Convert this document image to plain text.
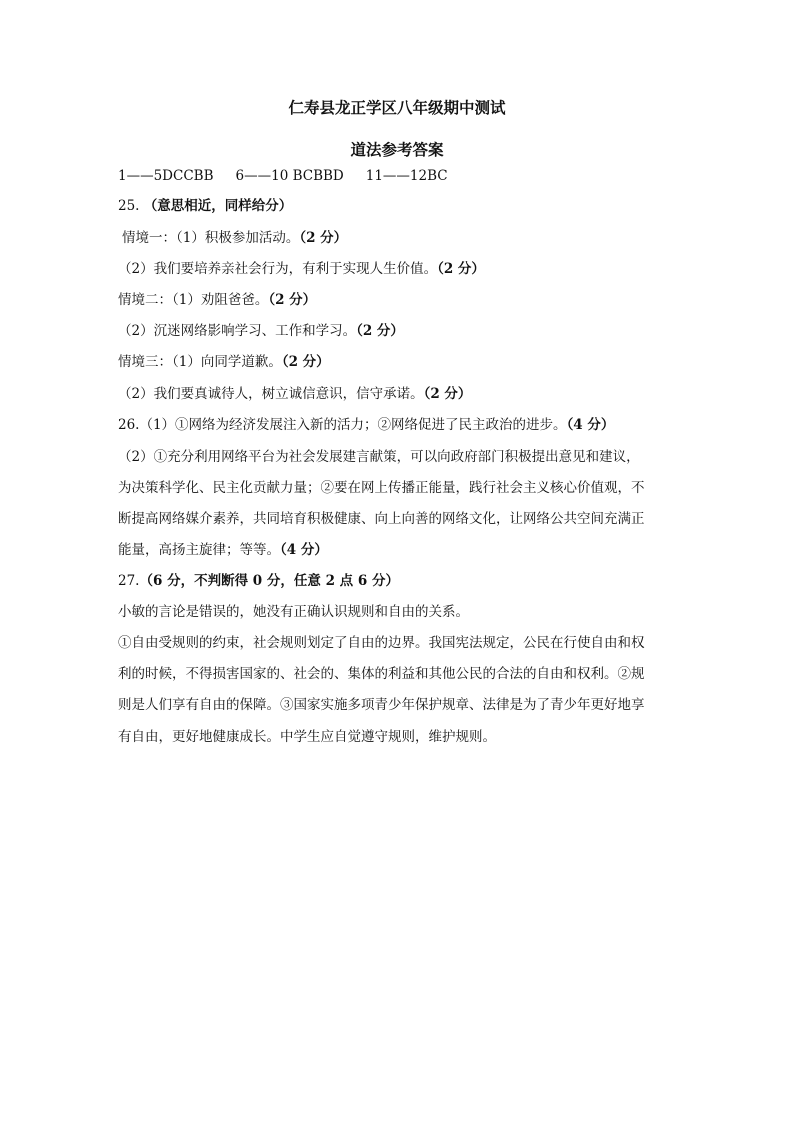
仁寿县龙正学区八年级期中测试
道法参考答案
1——5DCCBB 6——10 BCBBD 11——12BC
25. （意思相近，同样给分）
情境一：（1）积极参加活动。（2 分）
（2）我们要培养亲社会行为，有利于实现人生价值。（2 分）
情境二：（1）劝阻爸爸。（2 分）
（2）沉迷网络影响学习、工作和学习。（2 分）
情境三：（1）向同学道歉。（2 分）
（2）我们要真诚待人，树立诚信意识，信守承诺。（2 分）
26.（1）①网络为经济发展注入新的活力；②网络促进了民主政治的进步。（4 分）
（2）①充分利用网络平台为社会发展建言献策，可以向政府部门积极提出意见和建议，
为决策科学化、民主化贡献力量；②要在网上传播正能量，践行社会主义核心价值观，不
断提高网络媒介素养，共同培育积极健康、向上向善的网络文化，让网络公共空间充满正
能量，高扬主旋律；等等。（4 分）
27.（6 分，不判断得 0 分，任意 2 点 6 分）
小敏的言论是错误的，她没有正确认识规则和自由的关系。
①自由受规则的约束，社会规则划定了自由的边界。我国宪法规定，公民在行使自由和权
利的时候，不得损害国家的、社会的、集体的利益和其他公民的合法的自由和权利。②规
则是人们享有自由的保障。③国家实施多项青少年保护规章、法律是为了青少年更好地享
有自由，更好地健康成长。中学生应自觉遵守规则，维护规则。
